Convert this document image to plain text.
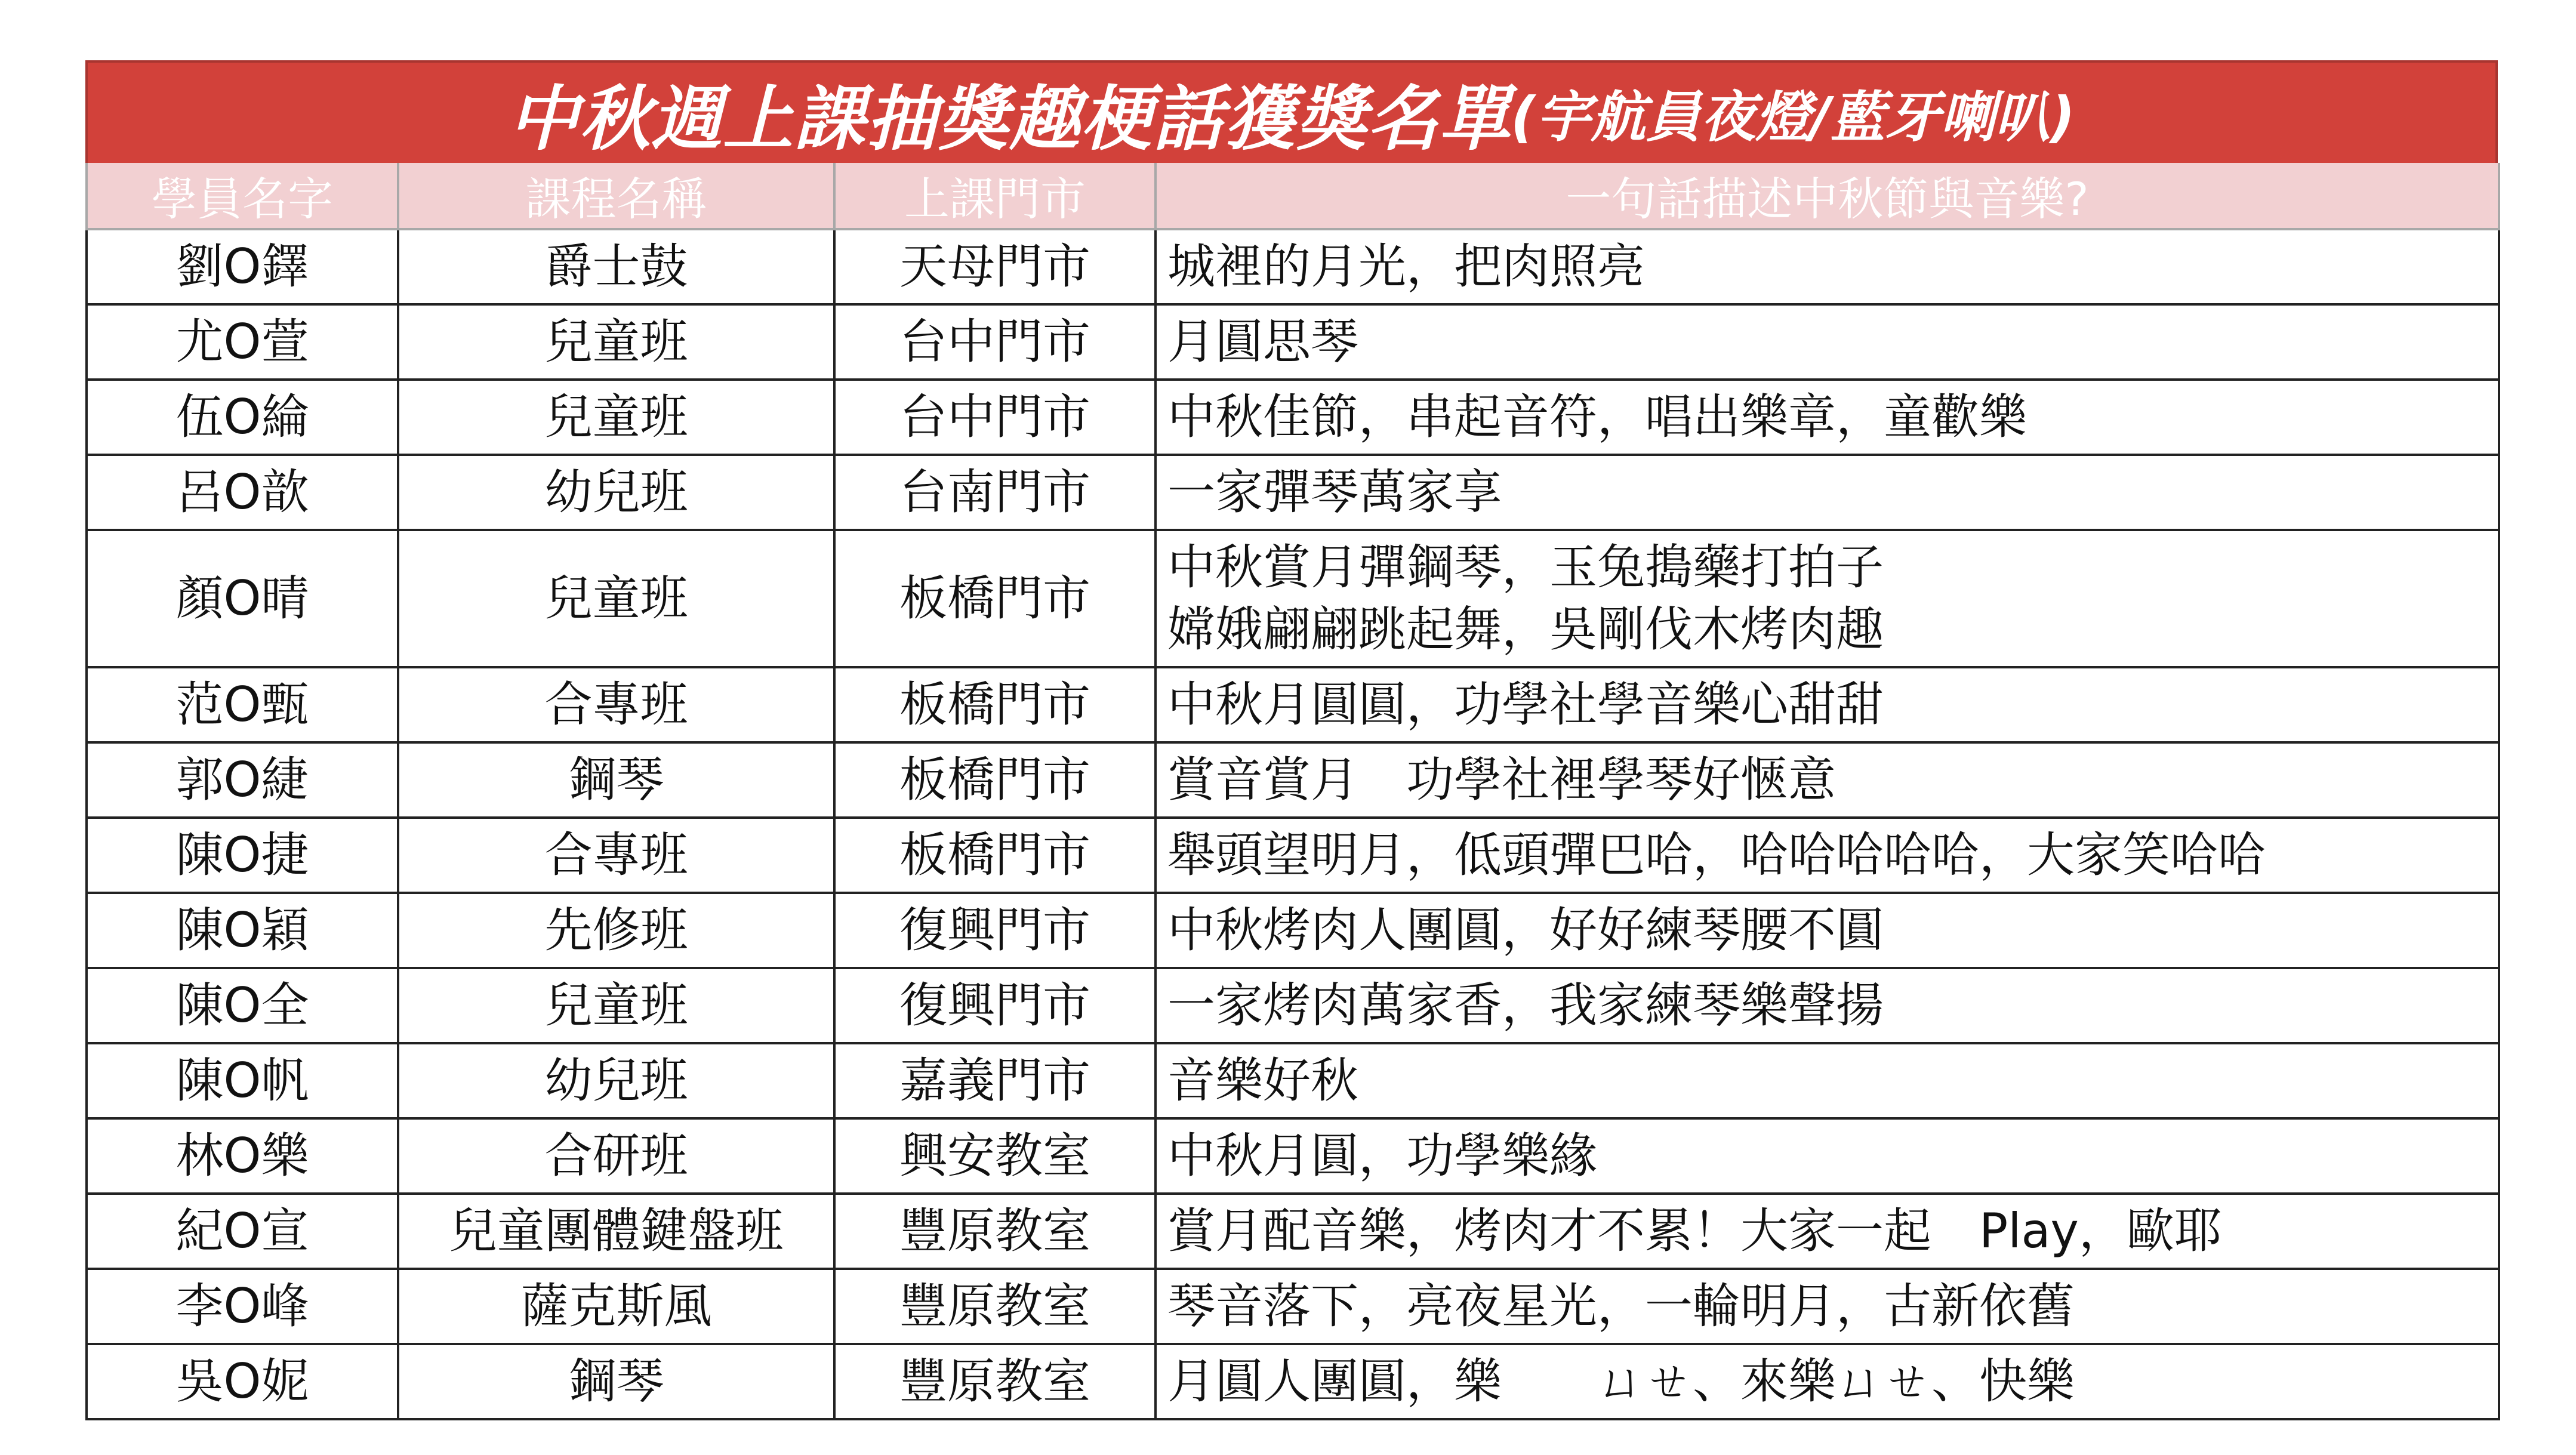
中秋週上課抽獎趣梗話獲獎名單 (宇航員夜燈/藍牙喇叭)
學員名字	課程名稱	上課門市	一句話描述中秋節與音樂?
劉O鐸	爵士鼓	天母門市	城裡的月光，把肉照亮
尤O萱	兒童班	台中門市	月圓思琴
伍O綸	兒童班	台中門市	中秋佳節，串起音符，唱出樂章，童歡樂
呂O歆	幼兒班	台南門市	一家彈琴萬家享
顏O晴	兒童班	板橋門市	中秋賞月彈鋼琴，玉兔搗藥打拍子
嫦娥翩翩跳起舞，吳剛伐木烤肉趣

范O甄	合專班	板橋門市	中秋月圓圓，功學社學音樂心甜甜
郭O緁	鋼琴	板橋門市	賞音賞月　功學社裡學琴好愜意
陳O捷	合專班	板橋門市	舉頭望明月，低頭彈巴哈，哈哈哈哈哈，大家笑哈哈
陳O穎	先修班	復興門市	中秋烤肉人團圓，好好練琴腰不圓
陳O全	兒童班	復興門市	一家烤肉萬家香，我家練琴樂聲揚
陳O帆	幼兒班	嘉義門市	音樂好秋
林O樂	合研班	興安教室	中秋月圓，功學樂緣
紀O宣	兒童團體鍵盤班	豐原教室	賞月配音樂，烤肉才不累！大家一起　Play，歐耶
李O峰	薩克斯風	豐原教室	琴音落下，亮夜星光，一輪明月，古新依舊
吳O妮	鋼琴	豐原教室	月圓人團圓，樂　　ㄩㄝ、來樂ㄩㄝ、快樂
